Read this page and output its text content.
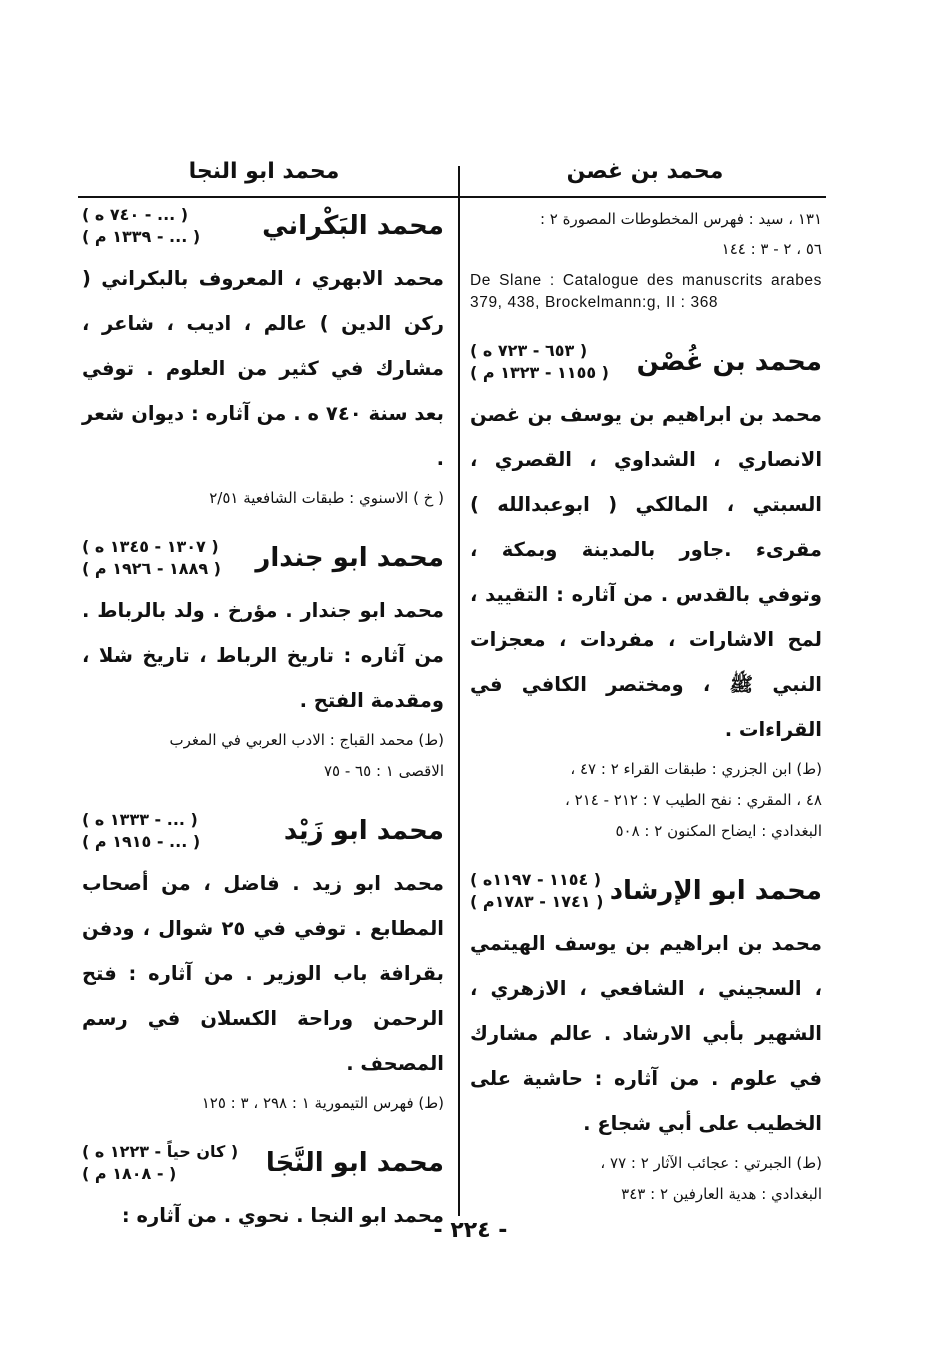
محمد ابو النجا	محمد بن غصن

١٣١ ، سيد : فهرس المخطوطات المصورة ٢ :

٥٦ ، ٢ - ٣ : ١٤٤

De Slane : Catalogue des manuscrits arabes 379, 438, Brockelmann:g, II : 368

محمد بن غُصْن
( ٦٥٣ - ٧٢٣ ه )
( ١١٥٥ - ١٣٢٣ م )

محمد بن ابراهيم بن يوسف بن غصن الانصاري ، الشداوي ، القصري ، السبتي ، المالكي ( ابوعبدالله ) مقرىء .جاور بالمدينة وبمكة ، وتوفي بالقدس . من آثاره : التقييد ، لمح الاشارات ، مفردات ، معجزات النبي ﷺ ، ومختصر الكافي في القراءات .

(ط) ابن الجزري : طبقات القراء ٢ : ٤٧ ،

٤٨ ، المقري : نفح الطيب ٧ : ٢١٢ - ٢١٤ ،

البغدادي : ايضاح المكنون ٢ : ٥٠٨

محمد ابو الإرشاد
( ١١٥٤ - ١١٩٧ه )
( ١٧٤١ - ١٧٨٣م )

محمد بن ابراهيم بن يوسف الهيتمي ، السجيني ، الشافعي ، الازهري ، الشهير بأبي الارشاد . عالم مشارك في علوم . من آثاره : حاشية على الخطيب على أبي شجاع .

(ط) الجبرتي : عجائب الآثار ٢ : ٧٧ ،

البغدادي : هدية العارفين ٢ : ٣٤٣

محمد البَكْراني
( ... - ٧٤٠ ه )
( ... - ١٣٣٩ م )

محمد الابهري ، المعروف بالبكراني ( ركن الدين ) عالم ، اديب ، شاعر ، مشارك في كثير من العلوم . توفي بعد سنة ٧٤٠ ه . من آثاره : ديوان شعر .

( خ ) الاسنوي : طبقات الشافعية ٢/٥١

محمد ابو جندار
( ١٣٠٧ - ١٣٤٥ ه )
( ١٨٨٩ - ١٩٢٦ م )

محمد ابو جندار . مؤرخ . ولد بالرباط . من آثاره : تاريخ الرباط ، تاريخ شلا ، ومقدمة الفتح .

(ط) محمد القباج : الادب العربي في المغرب

الاقصى ١ : ٦٥ - ٧٥

محمد ابو زَيْد
( ... - ١٣٣٣ ه )
( ... - ١٩١٥ م )

محمد ابو زيد . فاضل ، من أصحاب المطابع . توفي في ٢٥ شوال ، ودفن بقرافة باب الوزير . من آثاره : فتح الرحمن وراحة الكسلان في رسم المصحف .

(ط) فهرس التيمورية ١ : ٢٩٨ ، ٣ : ١٢٥

محمد ابو النَّجَا
( كان حياً - ١٢٢٣ ه )
( - ١٨٠٨ م )

محمد ابو النجا . نحوي . من آثاره :

- ٢٢٤ -
